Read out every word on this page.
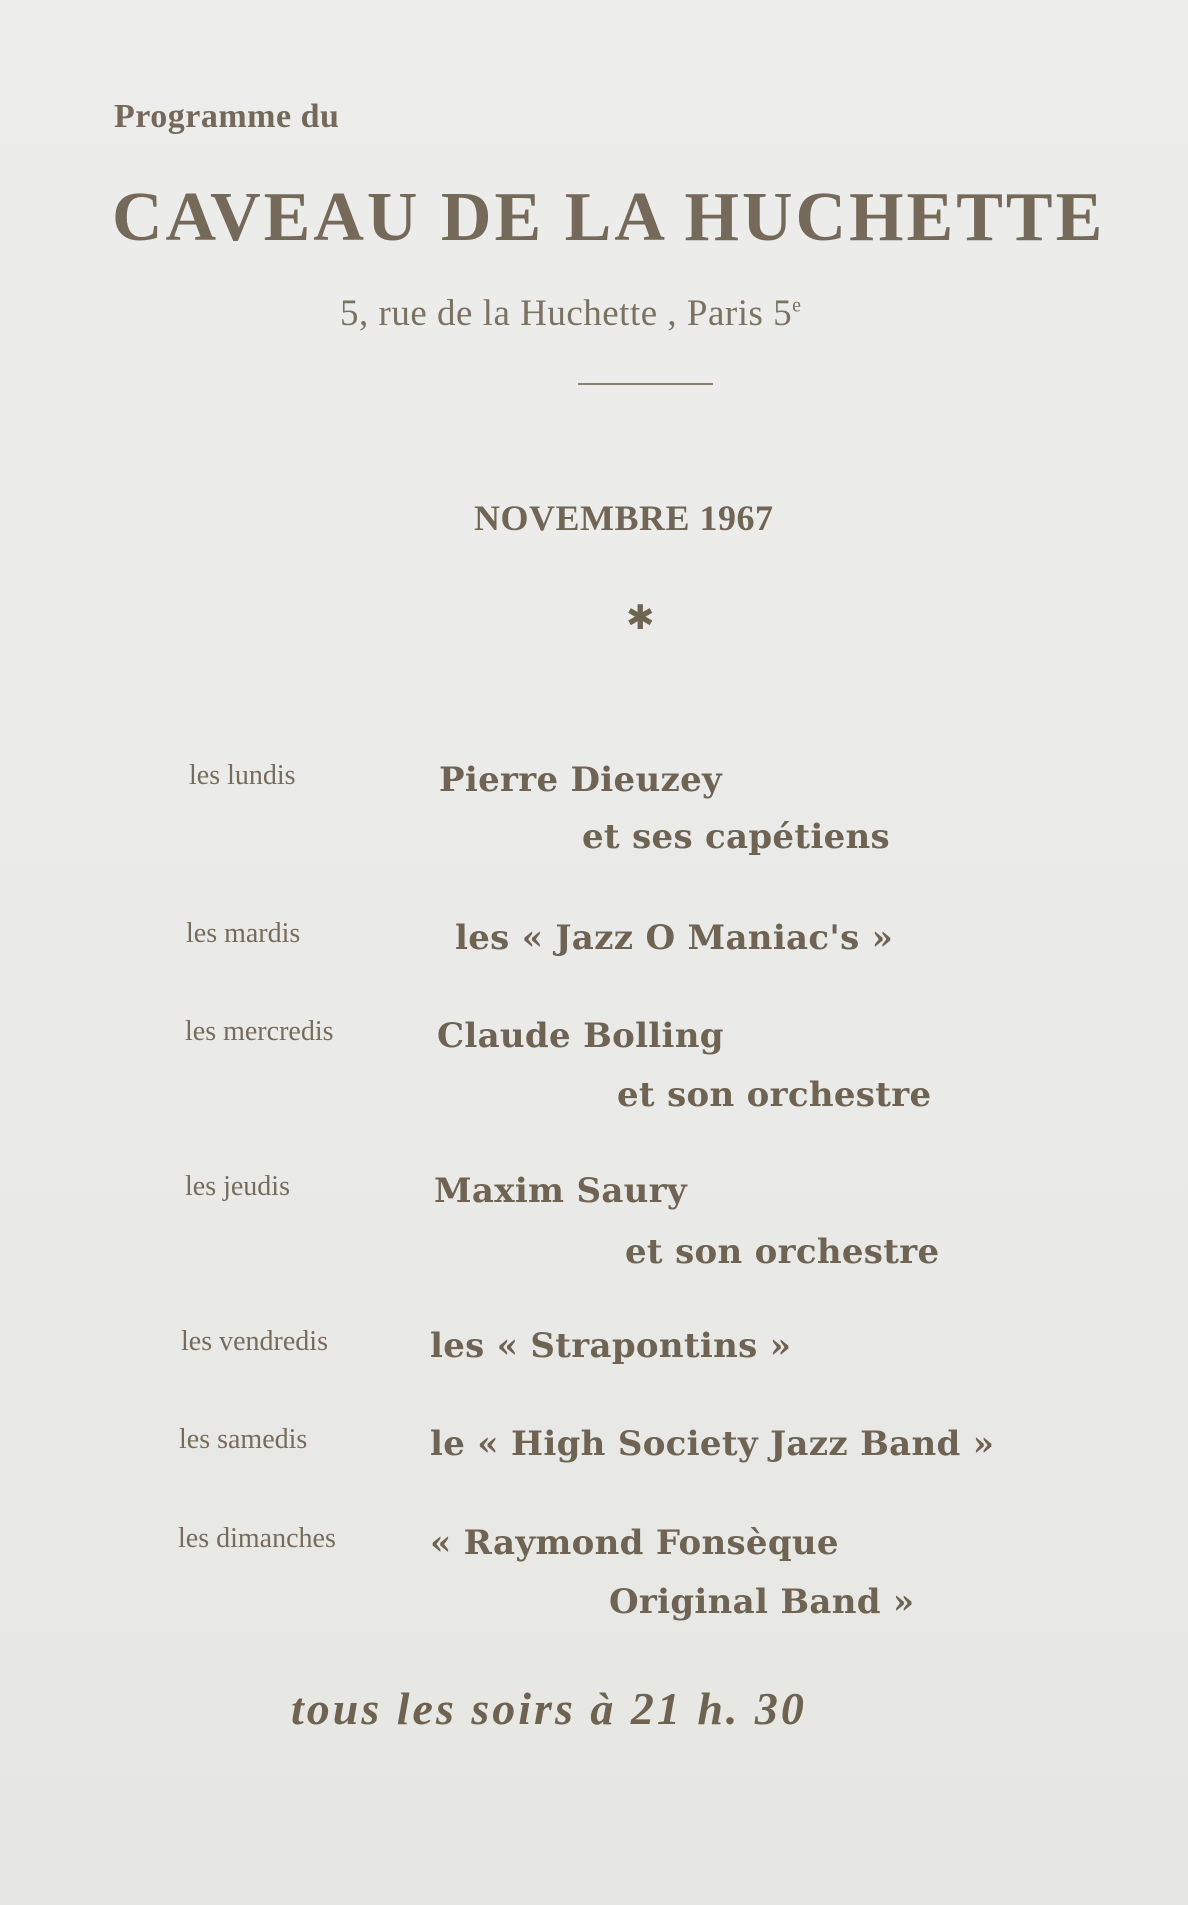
Programme du
CAVEAU DE LA HUCHETTE
5, rue de la Huchette , Paris 5e
NOVEMBRE 1967
✱
les lundis	Pierre Dieuzey
et ses capétiens
les mardis	les « Jazz O Maniac's »
les mercredis	Claude Bolling
et son orchestre
les jeudis	Maxim Saury
et son orchestre
les vendredis	les « Strapontins »
les samedis	le « High Society Jazz Band »
les dimanches	« Raymond Fonsèque
Original Band »
tous les soirs à 21 h. 30
